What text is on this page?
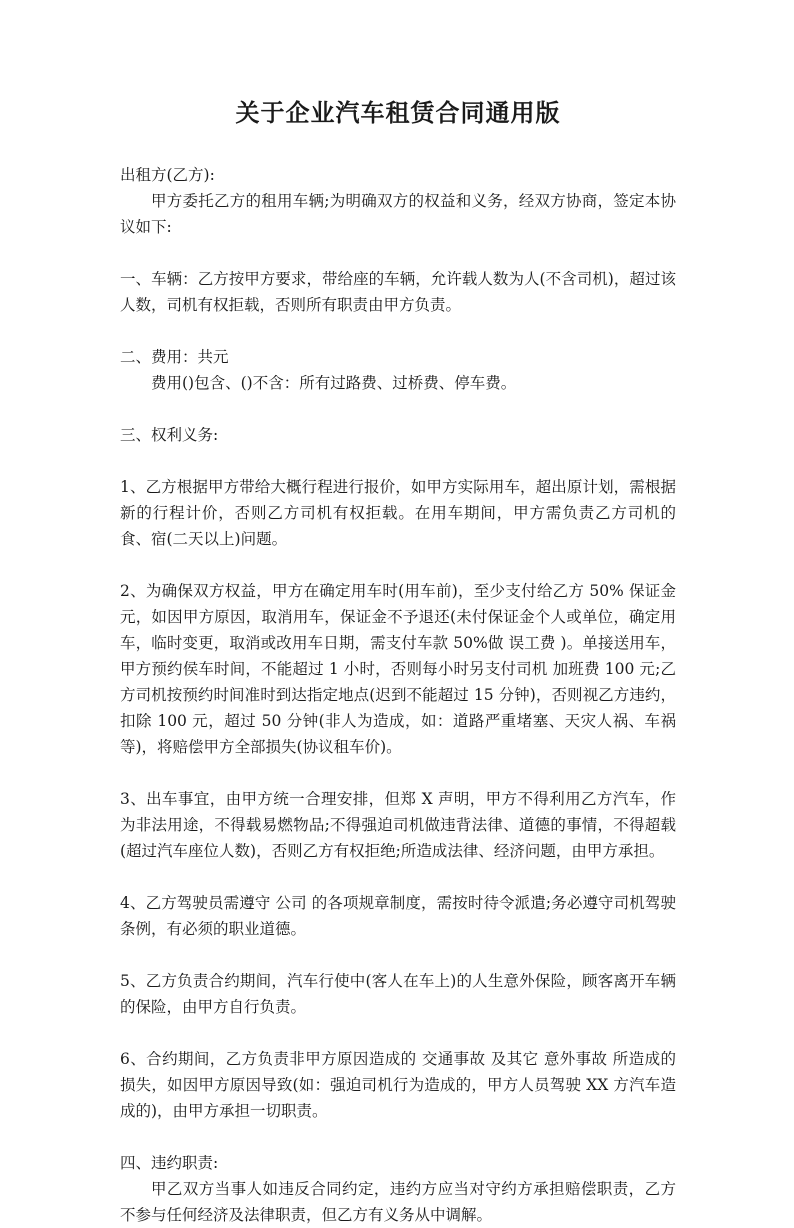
关于企业汽车租赁合同通用版

出租方(乙方):

甲方委托乙方的租用车辆;为明确双方的权益和义务，经双方协商，签定本协议如下:

一、车辆：乙方按甲方要求，带给座的车辆，允许载人数为人(不含司机)，超过该人数，司机有权拒载，否则所有职责由甲方负责。

二、费用：共元

费用()包含、()不含：所有过路费、过桥费、停车费。

三、权利义务:

1、乙方根据甲方带给大概行程进行报价，如甲方实际用车，超出原计划，需根据新的行程计价，否则乙方司机有权拒载。在用车期间，甲方需负责乙方司机的食、宿(二天以上)问题。

2、为确保双方权益，甲方在确定用车时(用车前)，至少支付给乙方 50% 保证金 元，如因甲方原因，取消用车，保证金不予退还(未付保证金个人或单位，确定用车，临时变更，取消或改用车日期，需支付车款 50%做 误工费 )。单接送用车，甲方预约侯车时间，不能超过 1 小时，否则每小时另支付司机 加班费 100 元;乙方司机按预约时间准时到达指定地点(迟到不能超过 15 分钟)，否则视乙方违约，扣除 100 元，超过 50 分钟(非人为造成，如：道路严重堵塞、天灾人祸、车祸等)，将赔偿甲方全部损失(协议租车价)。

3、出车事宜，由甲方统一合理安排，但郑 X 声明，甲方不得利用乙方汽车，作为非法用途，不得载易燃物品;不得强迫司机做违背法律、道德的事情，不得超载 (超过汽车座位人数)，否则乙方有权拒绝;所造成法律、经济问题，由甲方承担。

4、乙方驾驶员需遵守 公司 的各项规章制度，需按时待令派遣;务必遵守司机驾驶条例，有必须的职业道德。

5、乙方负责合约期间，汽车行使中(客人在车上)的人生意外保险，顾客离开车辆的保险，由甲方自行负责。

6、合约期间，乙方负责非甲方原因造成的 交通事故 及其它 意外事故 所造成的损失，如因甲方原因导致(如：强迫司机行为造成的，甲方人员驾驶 XX 方汽车造成的)，由甲方承担一切职责。

四、违约职责:

甲乙双方当事人如违反合同约定，违约方应当对守约方承担赔偿职责，乙方不参与任何经济及法律职责，但乙方有义务从中调解。
